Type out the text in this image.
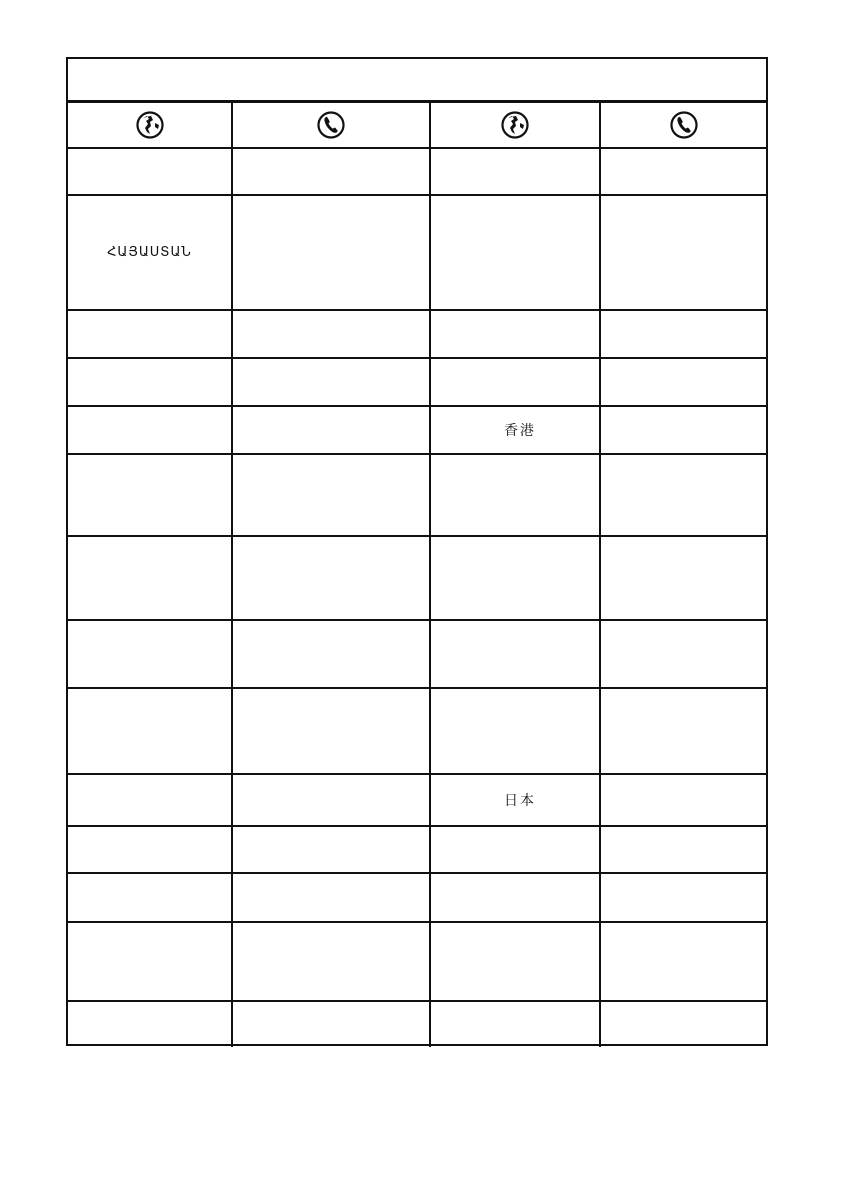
ՀԱՅԱՍՏԱՆ			

		香港	

		日本	
